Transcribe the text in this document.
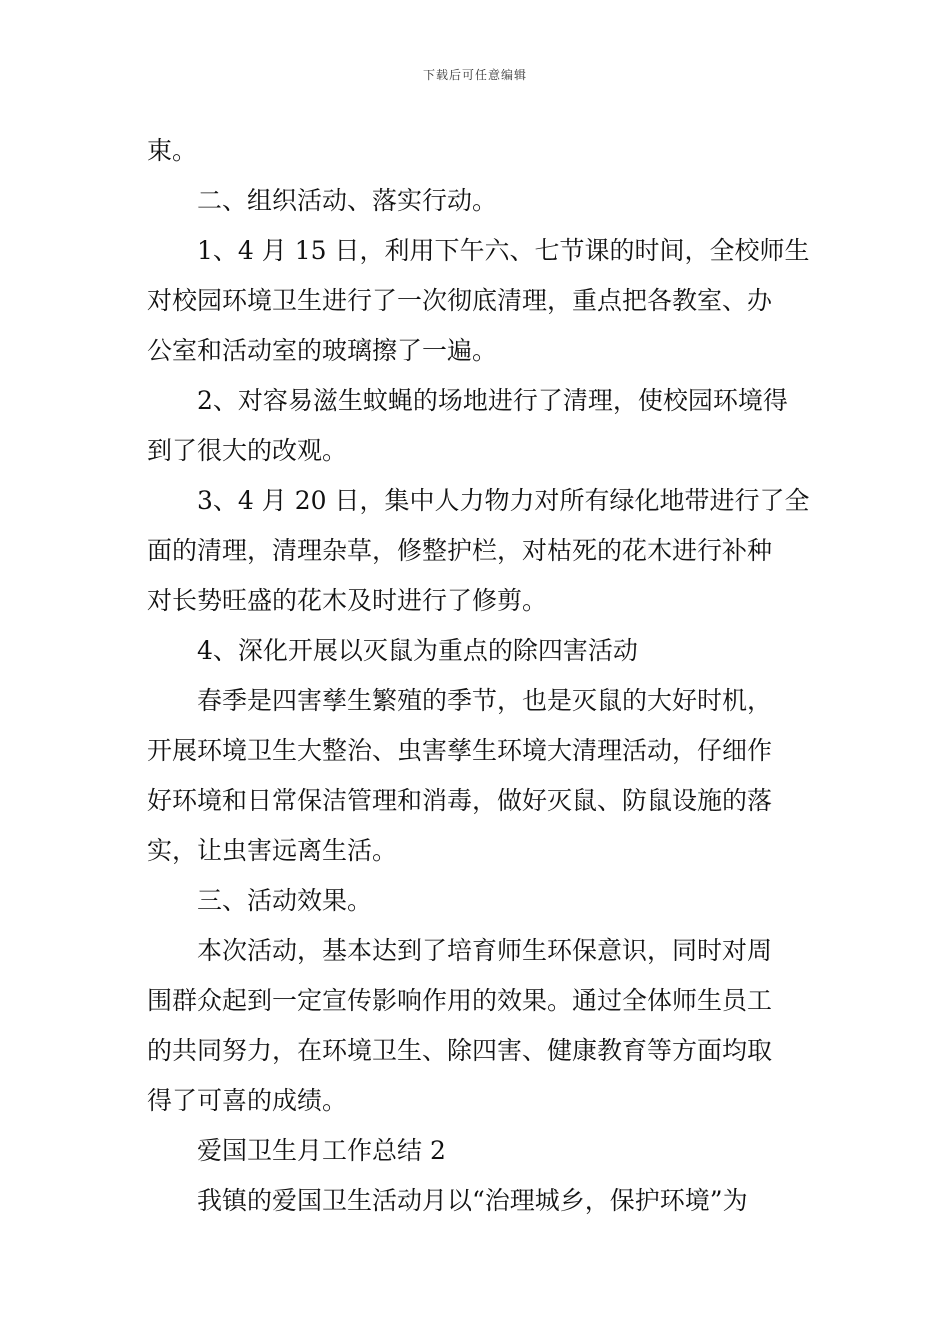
下载后可任意编辑
束。
二、组织活动、落实行动。
1、4 月 15 日，利用下午六、七节课的时间，全校师生
对校园环境卫生进行了一次彻底清理，重点把各教室、办
公室和活动室的玻璃擦了一遍。
2、对容易滋生蚊蝇的场地进行了清理，使校园环境得
到了很大的改观。
3、4 月 20 日，集中人力物力对所有绿化地带进行了全
面的清理，清理杂草，修整护栏，对枯死的花木进行补种
对长势旺盛的花木及时进行了修剪。
4、深化开展以灭鼠为重点的除四害活动
春季是四害孳生繁殖的季节，也是灭鼠的大好时机，
开展环境卫生大整治、虫害孳生环境大清理活动，仔细作
好环境和日常保洁管理和消毒，做好灭鼠、防鼠设施的落
实，让虫害远离生活。
三、活动效果。
本次活动，基本达到了培育师生环保意识，同时对周
围群众起到一定宣传影响作用的效果。通过全体师生员工
的共同努力，在环境卫生、除四害、健康教育等方面均取
得了可喜的成绩。
爱国卫生月工作总结 2
我镇的爱国卫生活动月以“治理城乡，保护环境”为
